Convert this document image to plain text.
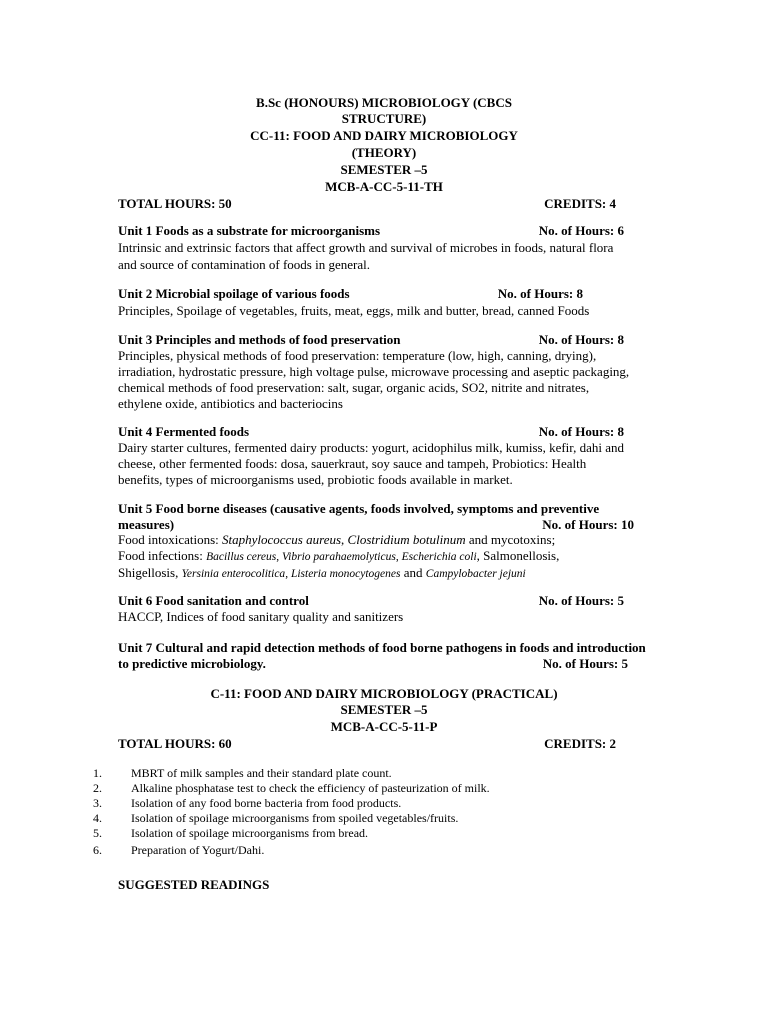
B.Sc (HONOURS) MICROBIOLOGY (CBCS
STRUCTURE)
CC-11: FOOD AND DAIRY MICROBIOLOGY
(THEORY)
SEMESTER –5
MCB-A-CC-5-11-TH
TOTAL HOURS: 50	CREDITS: 4
Unit 1 Foods as a substrate for microorganisms	No. of Hours: 6
Intrinsic and extrinsic factors that affect growth and survival of microbes in foods, natural flora
and source of contamination of foods in general.
Unit 2 Microbial spoilage of various foods	No. of Hours: 8
Principles, Spoilage of vegetables, fruits, meat, eggs, milk and butter, bread, canned Foods
Unit 3 Principles and methods of food preservation	No. of Hours: 8
Principles, physical methods of food preservation: temperature (low, high, canning, drying),
irradiation, hydrostatic pressure, high voltage pulse, microwave processing and aseptic packaging,
chemical methods of food preservation: salt, sugar, organic acids, SO2, nitrite and nitrates,
ethylene oxide, antibiotics and bacteriocins
Unit 4 Fermented foods	No. of Hours: 8
Dairy starter cultures, fermented dairy products: yogurt, acidophilus milk, kumiss, kefir, dahi and
cheese, other fermented foods: dosa, sauerkraut, soy sauce and tampeh, Probiotics: Health
benefits, types of microorganisms used, probiotic foods available in market.
Unit 5 Food borne diseases (causative agents, foods involved, symptoms and preventive
measures)	No. of Hours: 10
Food intoxications: Staphylococcus aureus, Clostridium botulinum and mycotoxins;
Food infections: Bacillus cereus, Vibrio parahaemolyticus, Escherichia coli, Salmonellosis,
Shigellosis, Yersinia enterocolitica, Listeria monocytogenes and Campylobacter jejuni
Unit 6 Food sanitation and control	No. of Hours: 5
HACCP, Indices of food sanitary quality and sanitizers
Unit 7 Cultural and rapid detection methods of food borne pathogens in foods and introduction
to predictive microbiology.	No. of Hours: 5
C-11: FOOD AND DAIRY MICROBIOLOGY (PRACTICAL)
SEMESTER –5
MCB-A-CC-5-11-P
TOTAL HOURS: 60	CREDITS: 2
1. MBRT of milk samples and their standard plate count.
2. Alkaline phosphatase test to check the efficiency of pasteurization of milk.
3. Isolation of any food borne bacteria from food products.
4. Isolation of spoilage microorganisms from spoiled vegetables/fruits.
5. Isolation of spoilage microorganisms from bread.
6. Preparation of Yogurt/Dahi.
SUGGESTED READINGS
